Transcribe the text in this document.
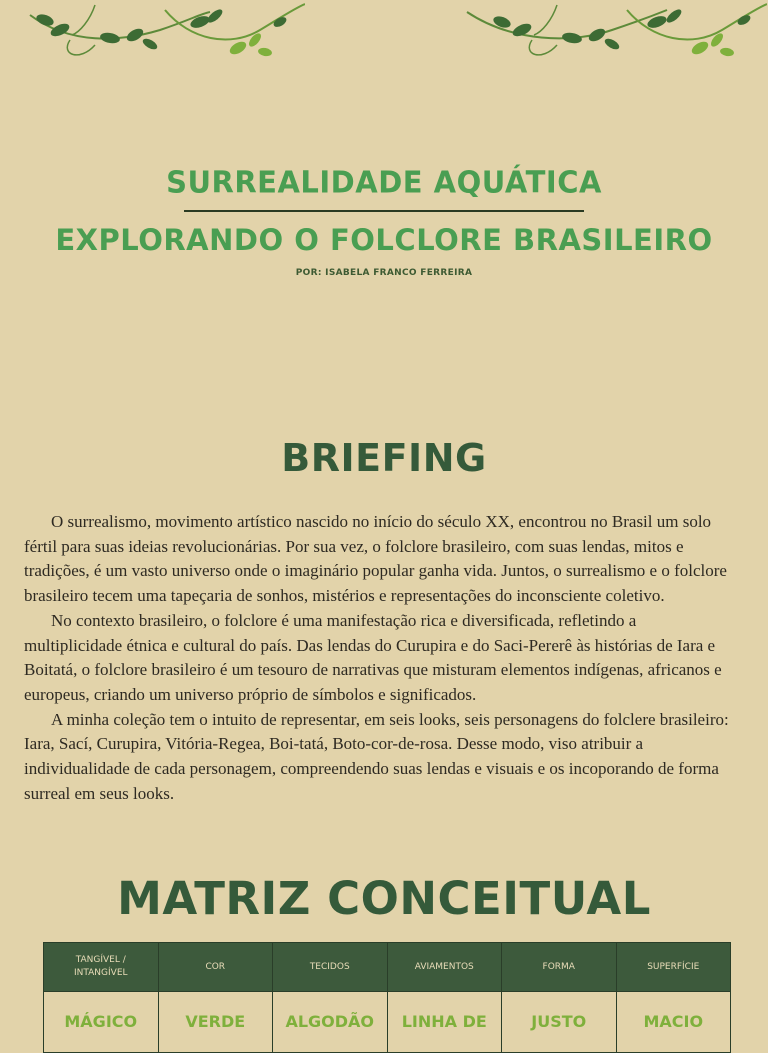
SURREALIDADE AQUÁTICA
EXPLORANDO O FOLCLORE BRASILEIRO
POR: ISABELA FRANCO FERREIRA
BRIEFING

O surrealismo, movimento artístico nascido no início do século XX, encontrou no Brasil um solo fértil para suas ideias revolucionárias. Por sua vez, o folclore brasileiro, com suas lendas, mitos e tradições, é um vasto universo onde o imaginário popular ganha vida. Juntos, o surrealismo e o folclore brasileiro tecem uma tapeçaria de sonhos, mistérios e representações do inconsciente coletivo.

No contexto brasileiro, o folclore é uma manifestação rica e diversificada, refletindo a multiplicidade étnica e cultural do país. Das lendas do Curupira e do Saci-Pererê às histórias de Iara e Boitatá, o folclore brasileiro é um tesouro de narrativas que misturam elementos indígenas, africanos e europeus, criando um universo próprio de símbolos e significados.

A minha coleção tem o intuito de representar, em seis looks, seis personagens do folclere brasileiro: Iara, Sací, Curupira, Vitória-Regea, Boi-tatá, Boto-cor-de-rosa. Desse modo, viso atribuir a individualidade de cada personagem, compreendendo suas lendas e visuais e os incoporando de forma surreal em seus looks.

MATRIZ CONCEITUAL
TANGÍVEL / INTANGÍVEL	COR	TECIDOS	AVIAMENTOS	FORMA	SUPERFÍCIE
MÁGICO	VERDE	ALGODÃO	LINHA DE	JUSTO	MACIO
